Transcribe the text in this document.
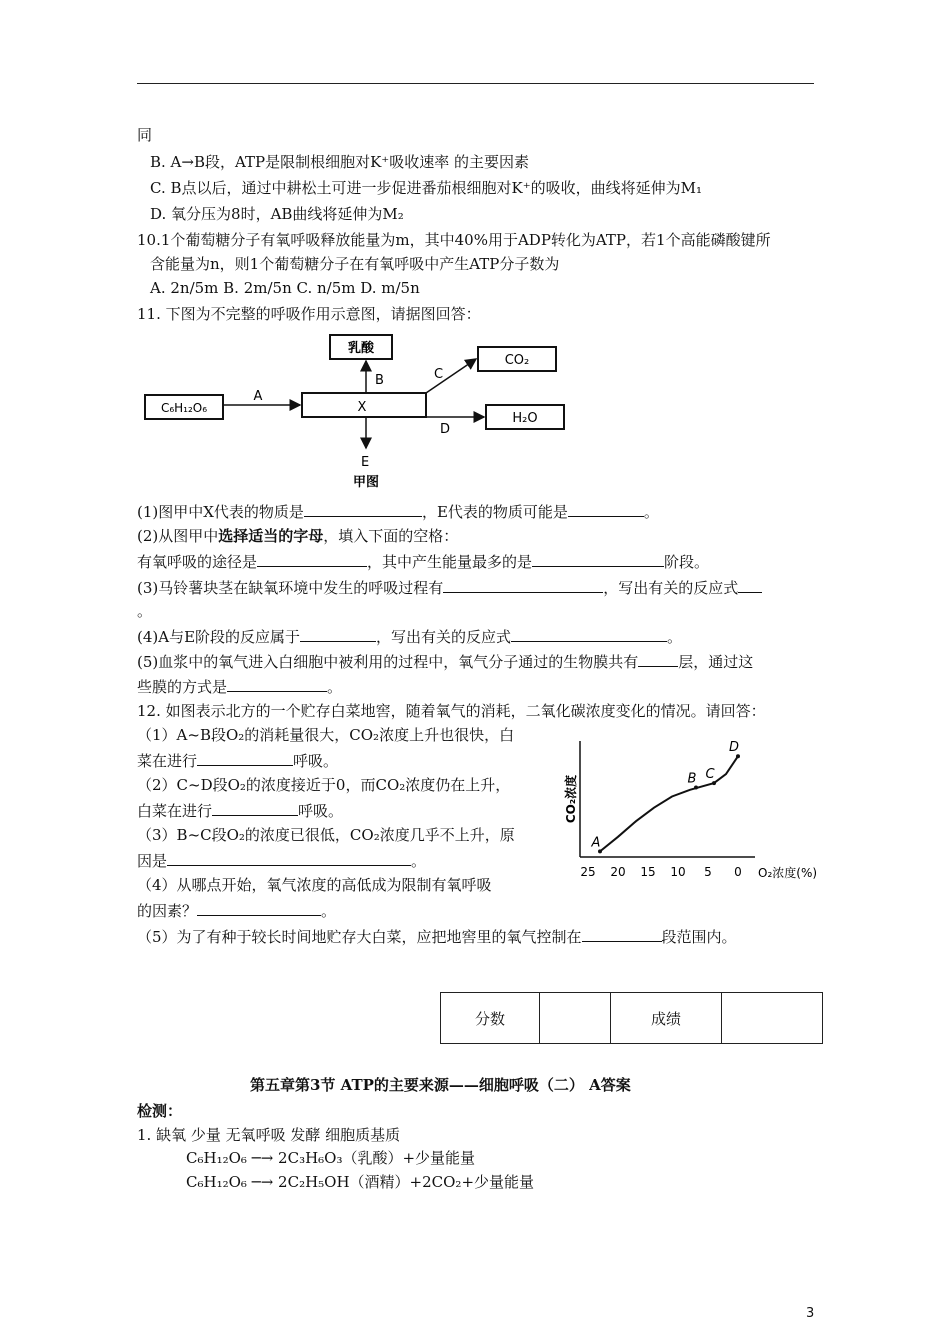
同
B. A→B段，ATP是限制根细胞对K⁺吸收速率 的主要因素
C. B点以后，通过中耕松土可进一步促进番茄根细胞对K⁺的吸收，曲线将延伸为M₁
D. 氧分压为8时，AB曲线将延伸为M₂
10.1个葡萄糖分子有氧呼吸释放能量为m，其中40%用于ADP转化为ATP，若1个高能磷酸键所
含能量为n，则1个葡萄糖分子在有氧呼吸中产生ATP分子数为
A. 2n/5m B. 2m/5n C. n/5m D. m/5n
11. 下图为不完整的呼吸作用示意图，请据图回答：
乳酸
CO₂
C₆H₁₂O₆	X
H₂O
A
B	C
D
E
甲图
(1)图甲中X代表的物质是	，E代表的物质可能是	。
(2)从图甲中选择适当的字母，填入下面的空格：
有氧呼吸的途径是	，其中产生能量最多的是	阶段。
(3)马铃薯块茎在缺氧环境中发生的呼吸过程有	，写出有关的反应式
。
(4)A与E阶段的反应属于	，写出有关的反应式	。
(5)血浆中的氧气进入白细胞中被利用的过程中，氧气分子通过的生物膜共有	层，通过这
些膜的方式是	。
12. 如图表示北方的一个贮存白菜地窖，随着氧气的消耗，二氧化碳浓度变化的情况。请回答：
（1）A~B段O₂的消耗量很大，CO₂浓度上升也很快，白
菜在进行	呼吸。
（2）C~D段O₂的浓度接近于0，而CO₂浓度仍在上升，
白菜在进行	呼吸。
（3）B~C段O₂的浓度已很低，CO₂浓度几乎不上升，原
因是	。
（4）从哪点开始，氧气浓度的高低成为限制有氧呼吸
的因素？	。
（5）为了有种于较长时间地贮存大白菜，应把地窖里的氧气控制在	段范围内。
CO₂浓度
O₂浓度(%)
25 20 15 10 5 0
A
B C
D
分数		成绩	
第五章第3节 ATP的主要来源——细胞呼吸（二） A答案
检测：
1. 缺氧 少量 无氧呼吸 发酵 细胞质基质
C₆H₁₂O₆ ─→ 2C₃H₆O₃（乳酸）+少量能量
C₆H₁₂O₆ ─→ 2C₂H₅OH（酒精）+2CO₂+少量能量
3
